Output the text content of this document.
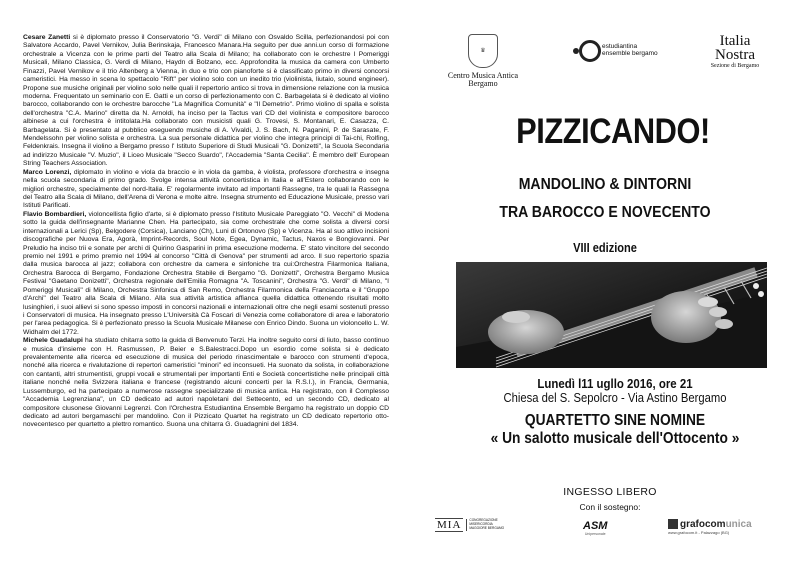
Cesare Zanetti si è diplomato presso il Conservatorio "G. Verdi" di Milano con Osvaldo Scilla, perfezionandosi poi con Salvatore Accardo, Pavel Vernikov, Julia Berinskaja, Francesco Manara.Ha seguito per due anni.un corso di formazione orchestrale a Vicenza con le prime parti del Teatro alla Scala di Milano; ha collaborato con le orchestre I Pomeriggi Musicali, Milano Classica, G. Verdi di Milano, Haydn di Bolzano, ecc. Approfondita la musica da camera con Umberto Finazzi, Pavel Vernikov e il trio Altenberg a Vienna, in duo e trio con pianoforte si è classificato primo in diversi concorsi cameristici. Ha messo in scena lo spettacolo "Rift" per violino solo con un inedito trio (violinista, liutaio, sound engineer). Propone sue musiche originali per violino solo nelle quali il repertorio antico si trova in dimensione relazione con la musica moderna. Frequentato un seminario con E. Gatti e un corso di perfezionamento con C. Barbagelata si è dedicato al violino barocco, collaborando con le orchestre barocche "La Magnifica Comunità" e "Il Demetrio". Primo violino di spalla e solista dell'orchestra "C.A. Marino" diretta da N. Arnoldi, ha inciso per la Tactus vari CD del violinista e compositore barocco albinese a cui l'orchestra è intitolata.Ha collaborato con musicisti quali G. Trovesi, S. Montanari, E. Casazza, C. Barbagelata. Si è presentato al pubblico eseguendo musiche di A. Vivaldi, J. S. Bach, N. Paganini, P. de Sarasate, F. Mendelssohn per violino solista e orchestra. La sua personale didattica per violino che integra principi di Tai-chi, Rolfing, Feldenkrais. Insegna il violino a Bergamo presso l' Istituto Superiore di Studi Musicali "G. Donizetti", la Scuola Secondaria ad indirizzo Musicale "V. Muzio", il Liceo Musicale "Secco Suardo", l'Accademia "Santa Cecilia". È membro dell' European String Teachers Association.

Marco Lorenzi, diplomato in violino e viola da braccio e in viola da gamba, è violista, professore d'orchestra e insegna nella scuola secondaria di primo grado. Svolge intensa attività concertistica in Italia e all'Estero collaborando con le migliori orchestre, specialmente del nord-Italia. E' regolarmente invitato ad importanti Rassegne, tra le quali la Rassegna del Teatro alla Scala di Milano, dell'Arena di Verona e molte altre. Insegna strumento ed Educazione Musicale, presso vari Istituti Parificati.

Flavio Bombardieri, violoncellista figlio d'arte, si è diplomato presso l'Istituto Musicale Pareggiato "O. Vecchi" di Modena sotto la guida dell'insegnante Marianne Chen. Ha partecipato, sia come orchestrale che come solista a diversi corsi internazionali a Lerici (Sp), Belgodere (Corsica), Lanciano (Ch), Luni di Ortonovo (Sp) e Vicenza. Ha al suo attivo incisioni discografiche per Nuova Era, Agorà, Imprint-Records, Soul Note, Egea, Dynamic, Tactus, Naxos e Bongiovanni. Per Preludio ha inciso trii e sonate per archi di Quirino Gasparini in prima esecuzione moderna. E' stato vincitore del secondo premio nel 1991 e primo premio nel 1994 al concorso "Città di Genova" per strumenti ad arco. Il suo repertorio spazia dalla musica barocca al jazz; collabora con orchestre da camera e sinfoniche tra cui:Orchestra Filarmonica Italiana, Orchestra Barocca di Bergamo, Fondazione Orchestra Stabile di Bergamo "G. Donizetti", Orchestra Bergamo Musica Festival "Gaetano Donizetti", Orchestra regionale dell'Emilia Romagna "A. Toscanini", Orchestra "G. Verdi" di Milano, "I Pomeriggi Musicali" di Milano, Orchestra Sinfonica di San Remo, Orchestra Filarmonica della Franciacorta e il "Gruppo d'Archi" del Teatro alla Scala di Milano. Alla sua attività artistica affianca quella didattica ottenendo risultati molto lusinghieri, i suoi allievi si sono spesso imposti in concorsi nazionali e internazionali oltre che negli esami sostenuti presso i Conservatori di musica. Ha insegnato presso L'Università Cà Foscari di Venezia come collaboratore di area e laboratorio per l'area pedagogica. Si è perfezionato presso la Scuola Musicale Milanese con Enrico Dindo. Suona un violoncello L. W. Widhalm del 1772.

Michele Guadalupi ha studiato chitarra sotto la guida di Benvenuto Terzi. Ha inoltre seguito corsi di liuto, basso continuo e musica d'insieme con H. Rasmussen, P. Beier e S.Balestracci.Dopo un esordio come solista si è dedicato prevalentemente alla ricerca ed esecuzione di musica del periodo rinascimentale e barocco con strumenti d'epoca, nonché alla ricerca e rivalutazione di repertori cameristici "minori" ed inconsueti. Ha suonato da solista, in collaborazione con cantanti, altri strumentisti, gruppi vocali e strumentali per importanti Enti e Società concertistiche nelle principali città italiane nonché nella Svizzera italiana e francese (registrando alcuni concerti per la R.S.I.), in Francia, Germania, Lussemburgo, ed ha partecipato a numerose rassegne specializzate di musica antica. Ha registrato, con il Complesso "Accademia Legrenziana", un CD dedicato ad autori napoletani del Settecento, ed un secondo CD, dedicato al compositore clusonese Giovanni Legrenzi. Con l'Orchestra Estudiantina Ensemble Bergamo ha registrato un doppio CD dedicato ad autori bergamaschi per mandolino. Con il Pizzicato Quartet ha registrato un CD dedicato repertorio otto-novecentesco per quartetto a plettro romantico. Suona una chitarra G. Guadagnini del 1834.

♛
Centro Musica Antica
Bergamo
estudiantina
ensemble bergamo
Italia
Nostra
Sezione di Bergamo
PIZZICANDO!
MANDOLINO & DINTORNI
TRA BAROCCO E NOVECENTO
VIII edizione
Lunedì l11 ugllo 2016, ore 21
Chiesa del S. Sepolcro - Via Astino Bergamo
QUARTETTO SINE NOMINE
« Un salotto musicale dell'Ottocento »
INGESSO LIBERO
Con il sostegno:
MIA	CONGREGAZIONE MISERICORDIA MAGGIORE BERGAMO	ASM
Unipersonale
grafocomunica
www.grafocom.it - Palazzago (BG)
